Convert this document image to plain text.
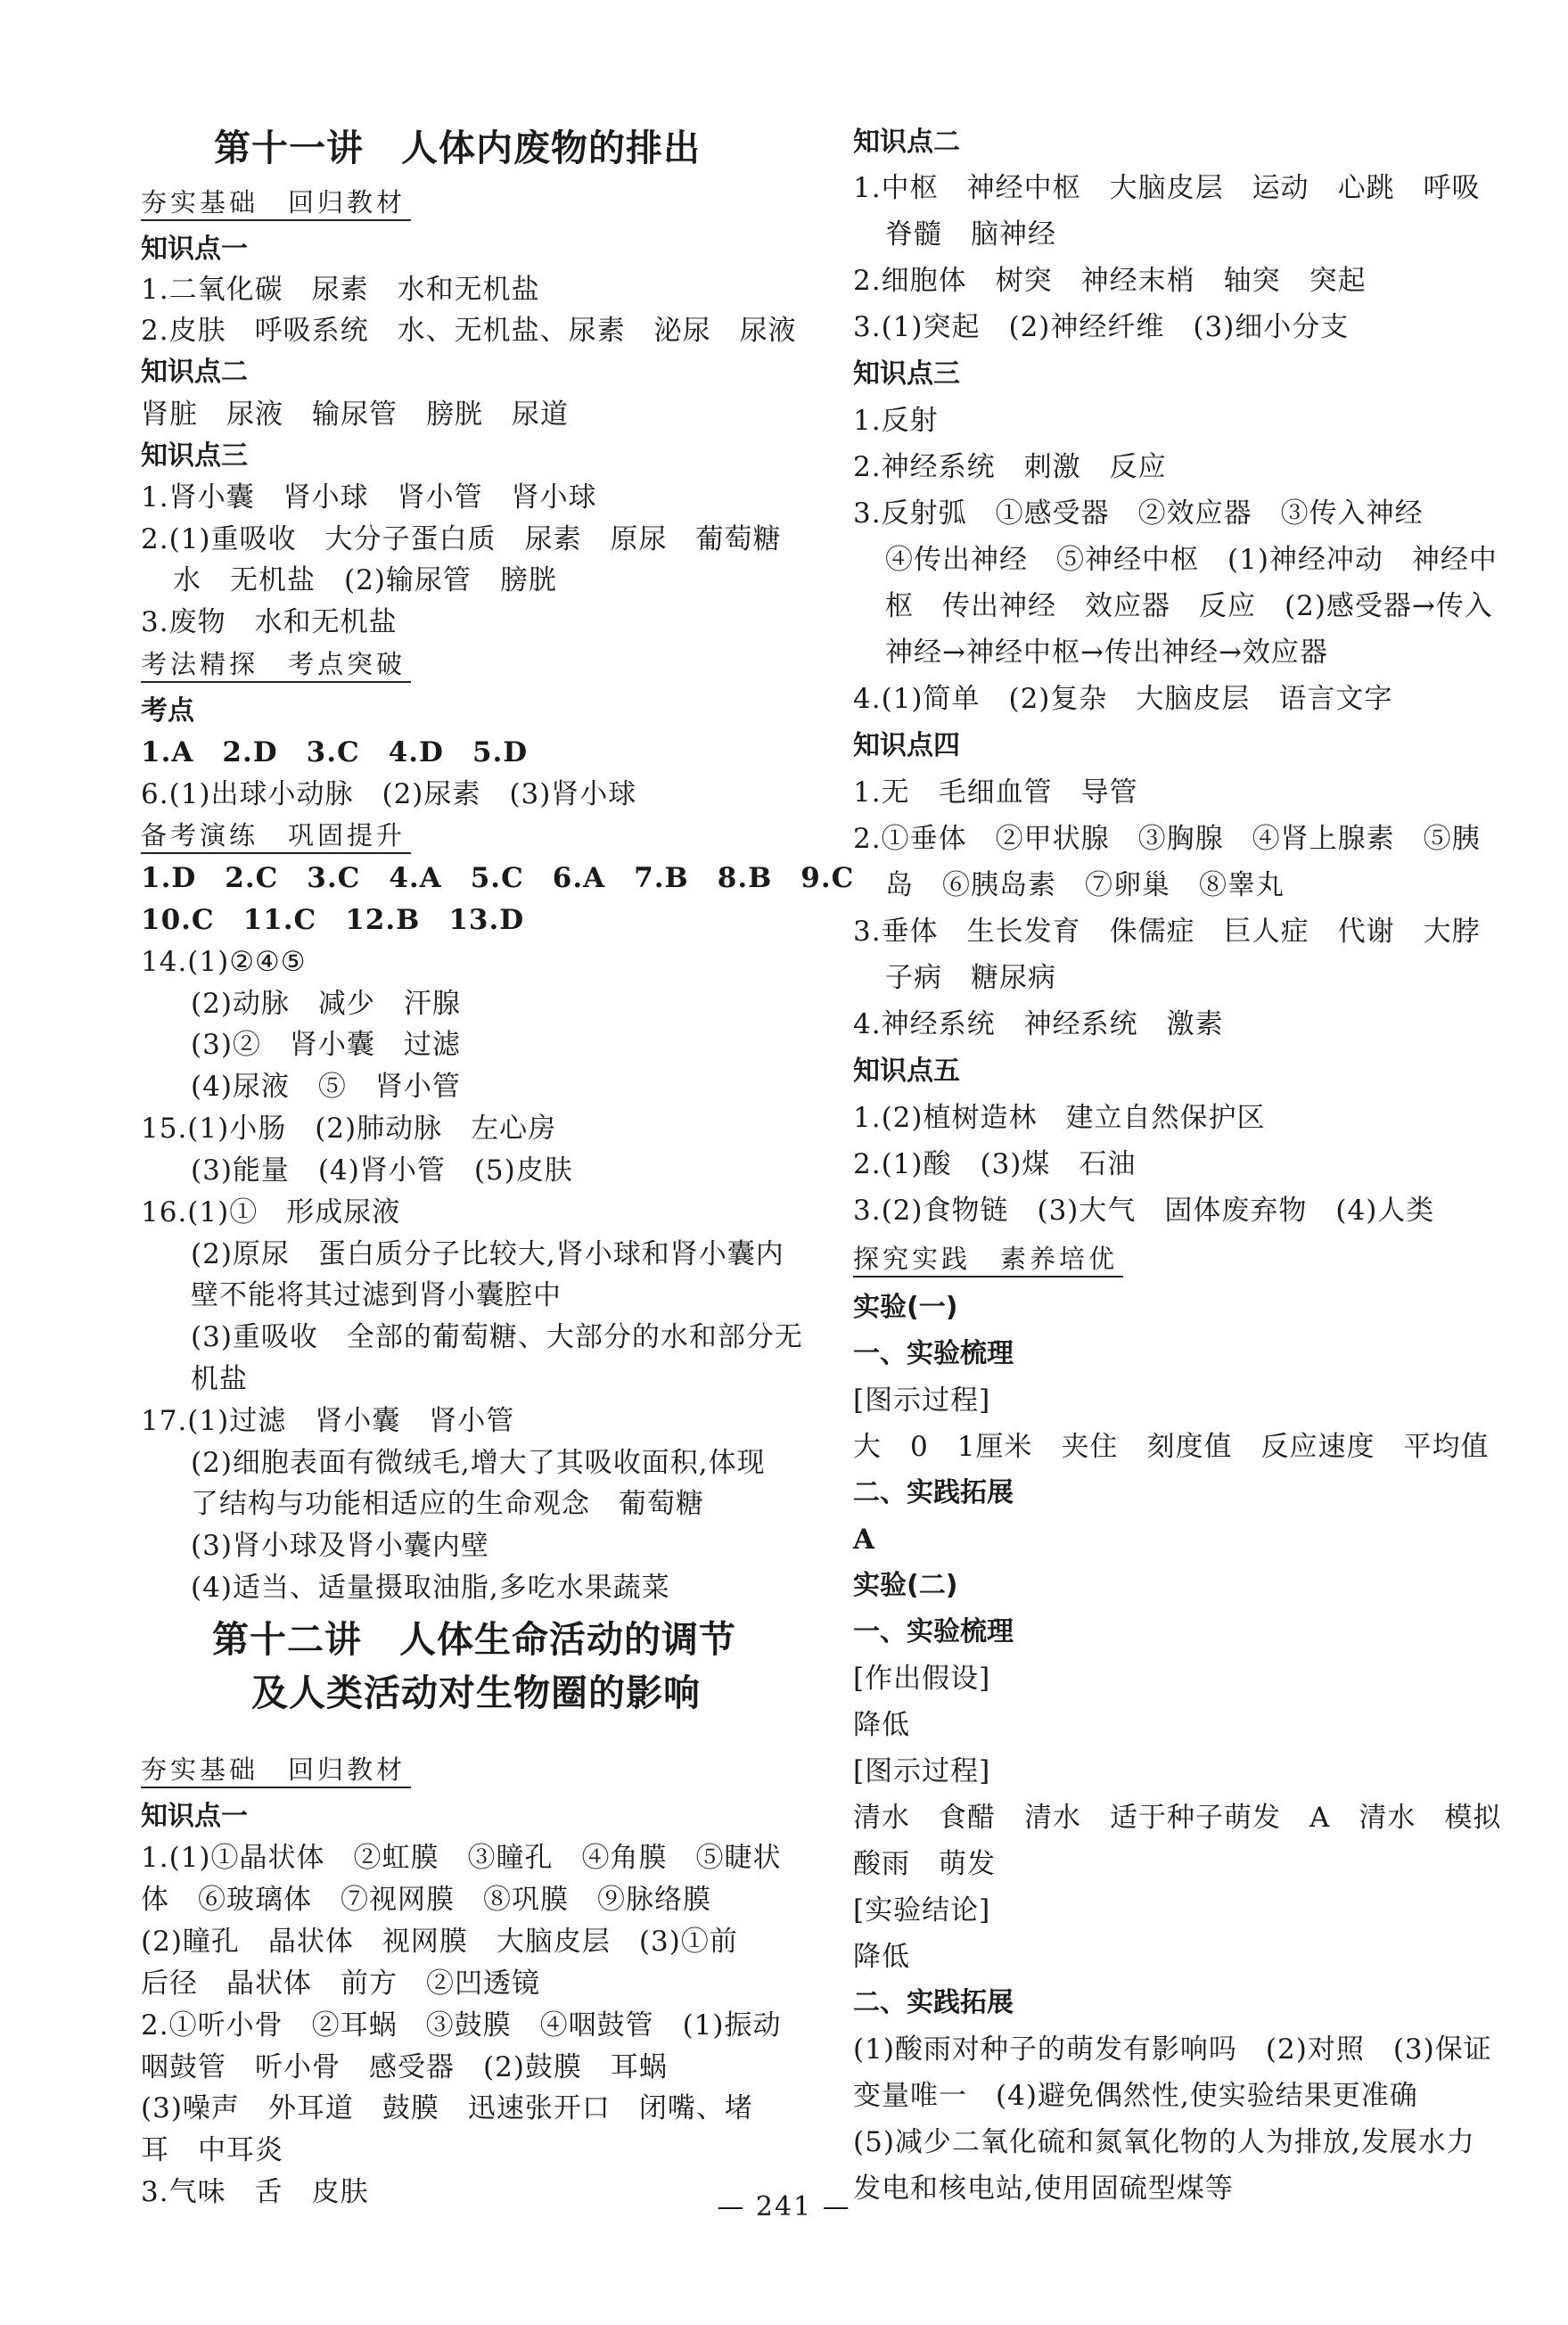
第十一讲　人体内废物的排出
夯实基础　回归教材
知识点一
1.二氧化碳　尿素　水和无机盐
2.皮肤　呼吸系统　水、无机盐、尿素　泌尿　尿液
知识点二
肾脏　尿液　输尿管　膀胱　尿道
知识点三
1.肾小囊　肾小球　肾小管　肾小球
2.(1)重吸收　大分子蛋白质　尿素　原尿　葡萄糖
水　无机盐　(2)输尿管　膀胱
3.废物　水和无机盐
考法精探　考点突破
考点
1.A　2.D　3.C　4.D　5.D
6.(1)出球小动脉　(2)尿素　(3)肾小球
备考演练　巩固提升
1.D　2.C　3.C　4.A　5.C　6.A　7.B　8.B　9.C
10.C　11.C　12.B　13.D
14.(1)②④⑤
(2)动脉　减少　汗腺
(3)②　肾小囊　过滤
(4)尿液　⑤　肾小管
15.(1)小肠　(2)肺动脉　左心房
(3)能量　(4)肾小管　(5)皮肤
16.(1)①　形成尿液
(2)原尿　蛋白质分子比较大,肾小球和肾小囊内
壁不能将其过滤到肾小囊腔中
(3)重吸收　全部的葡萄糖、大部分的水和部分无
机盐
17.(1)过滤　肾小囊　肾小管
(2)细胞表面有微绒毛,增大了其吸收面积,体现
了结构与功能相适应的生命观念　葡萄糖
(3)肾小球及肾小囊内壁
(4)适当、适量摄取油脂,多吃水果蔬菜
第十二讲　人体生命活动的调节
及人类活动对生物圈的影响
夯实基础　回归教材
知识点一
1.(1)①晶状体　②虹膜　③瞳孔　④角膜　⑤睫状
体　⑥玻璃体　⑦视网膜　⑧巩膜　⑨脉络膜
(2)瞳孔　晶状体　视网膜　大脑皮层　(3)①前
后径　晶状体　前方　②凹透镜
2.①听小骨　②耳蜗　③鼓膜　④咽鼓管　(1)振动
咽鼓管　听小骨　感受器　(2)鼓膜　耳蜗
(3)噪声　外耳道　鼓膜　迅速张开口　闭嘴、堵
耳　中耳炎
3.气味　舌　皮肤
知识点二
1.中枢　神经中枢　大脑皮层　运动　心跳　呼吸
脊髓　脑神经
2.细胞体　树突　神经末梢　轴突　突起
3.(1)突起　(2)神经纤维　(3)细小分支
知识点三
1.反射
2.神经系统　刺激　反应
3.反射弧　①感受器　②效应器　③传入神经
④传出神经　⑤神经中枢　(1)神经冲动　神经中
枢　传出神经　效应器　反应　(2)感受器→传入
神经→神经中枢→传出神经→效应器
4.(1)简单　(2)复杂　大脑皮层　语言文字
知识点四
1.无　毛细血管　导管
2.①垂体　②甲状腺　③胸腺　④肾上腺素　⑤胰
岛　⑥胰岛素　⑦卵巢　⑧睾丸
3.垂体　生长发育　侏儒症　巨人症　代谢　大脖
子病　糖尿病
4.神经系统　神经系统　激素
知识点五
1.(2)植树造林　建立自然保护区
2.(1)酸　(3)煤　石油
3.(2)食物链　(3)大气　固体废弃物　(4)人类
探究实践　素养培优
实验(一)
一、实验梳理
[图示过程]
大　0　1厘米　夹住　刻度值　反应速度　平均值
二、实践拓展
A
实验(二)
一、实验梳理
[作出假设]
降低
[图示过程]
清水　食醋　清水　适于种子萌发　A　清水　模拟
酸雨　萌发
[实验结论]
降低
二、实践拓展
(1)酸雨对种子的萌发有影响吗　(2)对照　(3)保证
变量唯一　(4)避免偶然性,使实验结果更准确
(5)减少二氧化硫和氮氧化物的人为排放,发展水力
发电和核电站,使用固硫型煤等
— 241 —
